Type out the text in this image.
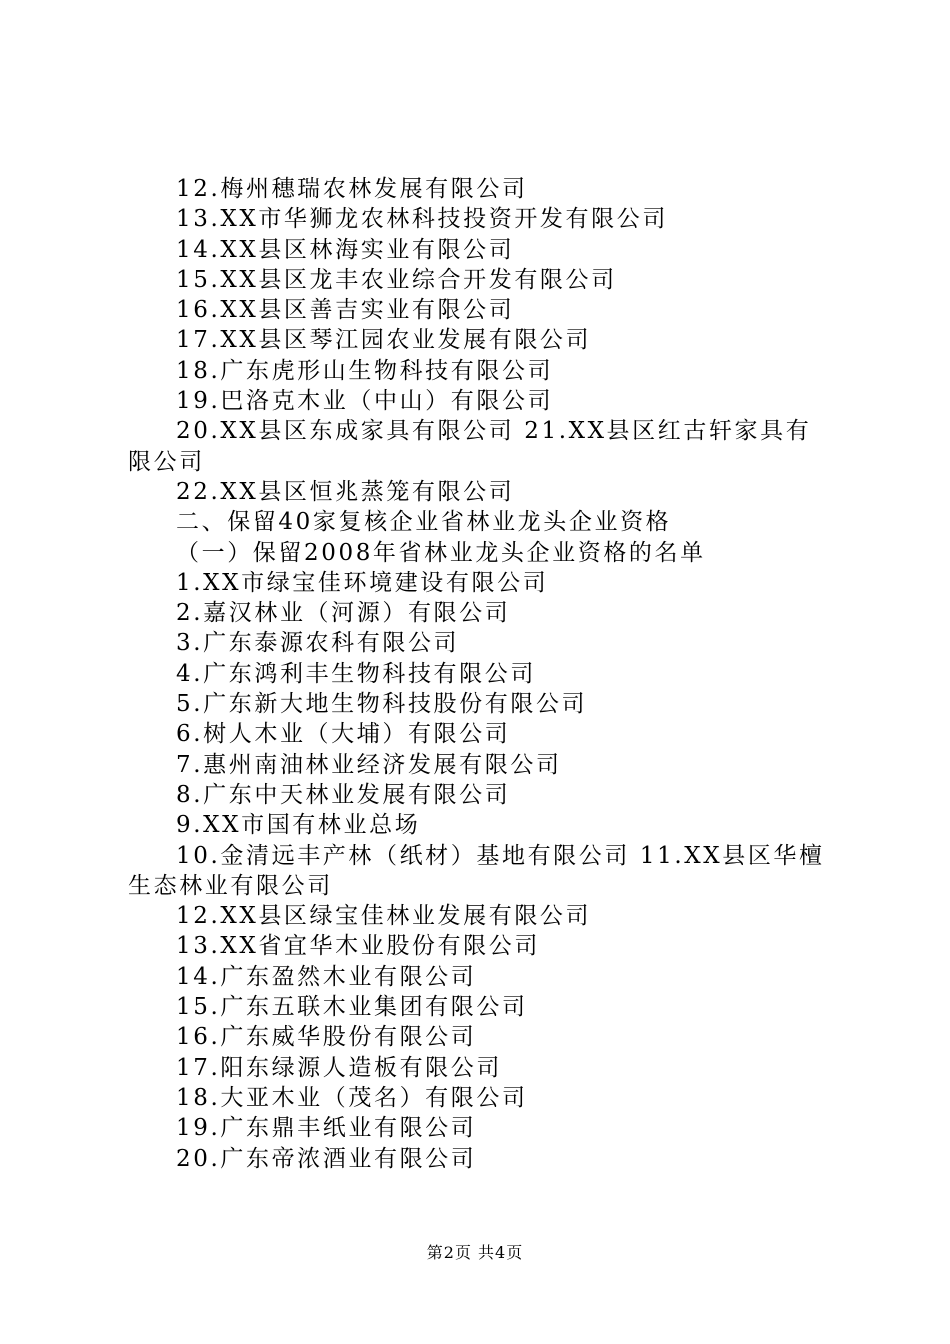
12.梅州穗瑞农林发展有限公司

13.XX市华狮龙农林科技投资开发有限公司

14.XX县区林海实业有限公司

15.XX县区龙丰农业综合开发有限公司

16.XX县区善吉实业有限公司

17.XX县区琴江园农业发展有限公司

18.广东虎形山生物科技有限公司

19.巴洛克木业（中山）有限公司

20.XX县区东成家具有限公司 21.XX县区红古轩家具有限公司

22.XX县区恒兆蒸笼有限公司

二、保留40家复核企业省林业龙头企业资格

（一）保留2008年省林业龙头企业资格的名单

1.XX市绿宝佳环境建设有限公司

2.嘉汉林业（河源）有限公司

3.广东泰源农科有限公司

4.广东鸿利丰生物科技有限公司

5.广东新大地生物科技股份有限公司

6.树人木业（大埔）有限公司

7.惠州南油林业经济发展有限公司

8.广东中天林业发展有限公司

9.XX市国有林业总场

10.金清远丰产林（纸材）基地有限公司 11.XX县区华檀生态林业有限公司

12.XX县区绿宝佳林业发展有限公司

13.XX省宜华木业股份有限公司

14.广东盈然木业有限公司

15.广东五联木业集团有限公司

16.广东威华股份有限公司

17.阳东绿源人造板有限公司

18.大亚木业（茂名）有限公司

19.广东鼎丰纸业有限公司

20.广东帝浓酒业有限公司

第2页 共4页
